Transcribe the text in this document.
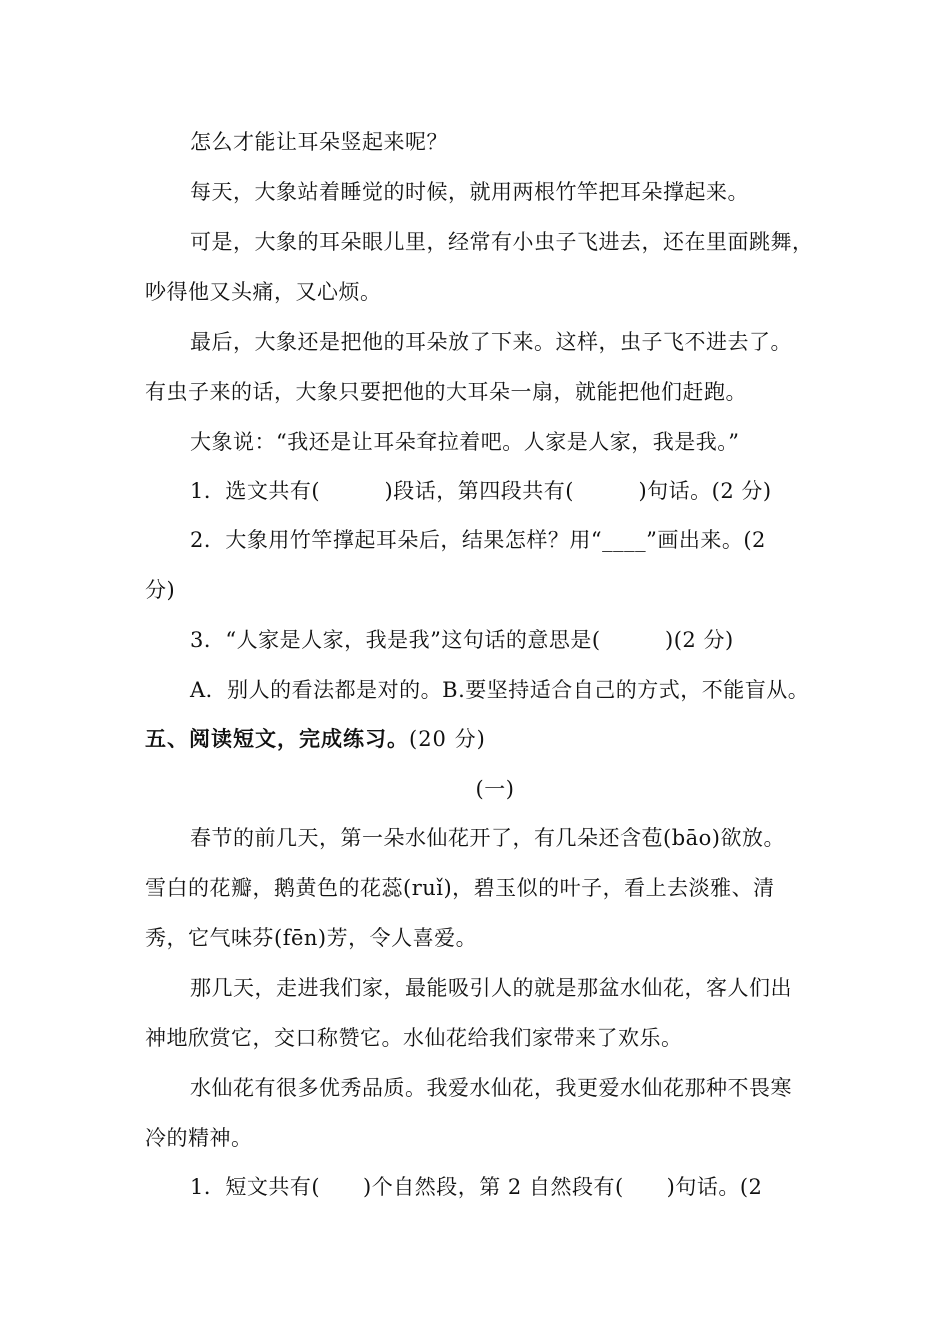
怎么才能让耳朵竖起来呢？
每天，大象站着睡觉的时候，就用两根竹竿把耳朵撑起来。
可是，大象的耳朵眼儿里，经常有小虫子飞进去，还在里面跳舞，
吵得他又头痛，又心烦。
最后，大象还是把他的耳朵放了下来。这样，虫子飞不进去了。
有虫子来的话，大象只要把他的大耳朵一扇，就能把他们赶跑。
大象说：“我还是让耳朵耷拉着吧。人家是人家，我是我。”
1．选文共有(　　　)段话，第四段共有(　　　)句话。(2 分)
2．大象用竹竿撑起耳朵后，结果怎样？用“____”画出来。(2
分)
3．“人家是人家，我是我”这句话的意思是(　　　)(2 分)
A．别人的看法都是对的。B.要坚持适合自己的方式，不能盲从。
五、阅读短文，完成练习。(20 分)
(一)
春节的前几天，第一朵水仙花开了，有几朵还含苞(bāo)欲放。
雪白的花瓣，鹅黄色的花蕊(ruǐ)，碧玉似的叶子，看上去淡雅、清
秀，它气味芬(fēn)芳，令人喜爱。
那几天，走进我们家，最能吸引人的就是那盆水仙花，客人们出
神地欣赏它，交口称赞它。水仙花给我们家带来了欢乐。
水仙花有很多优秀品质。我爱水仙花，我更爱水仙花那种不畏寒
冷的精神。
1．短文共有(　　)个自然段，第 2 自然段有(　　)句话。(2
